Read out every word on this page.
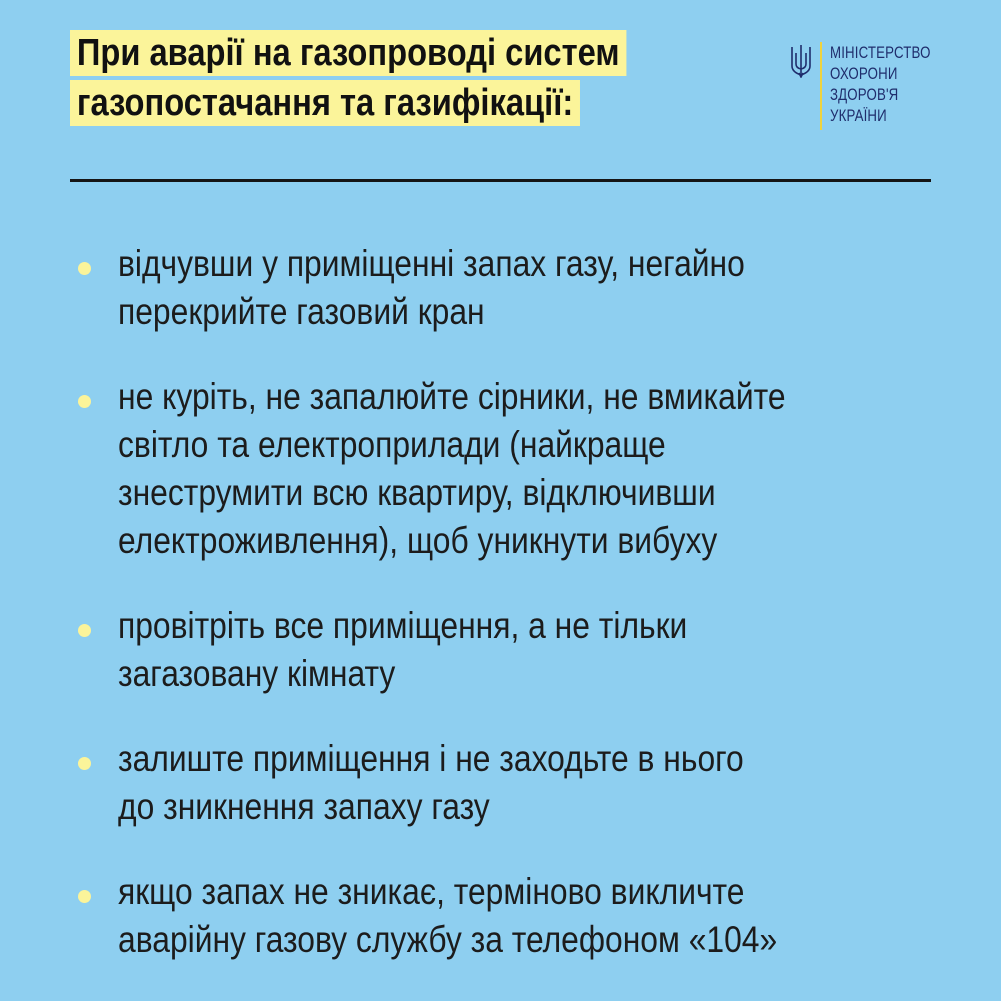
При аварії на газопроводі систем
газопостачання та газифікації:
МІНІСТЕРСТВО
ОХОРОНИ
ЗДОРОВ'Я
УКРАЇНИ
відчувши у приміщенні запах газу, негайно
перекрийте газовий кран
не куріть, не запалюйте сірники, не вмикайте
світло та електроприлади (найкраще
знеструмити всю квартиру, відключивши
електроживлення), щоб уникнути вибуху
провітріть все приміщення, а не тільки
загазовану кімнату
залиште приміщення і не заходьте в нього
до зникнення запаху газу
якщо запах не зникає, терміново викличте
аварійну газову службу за телефоном «104»
